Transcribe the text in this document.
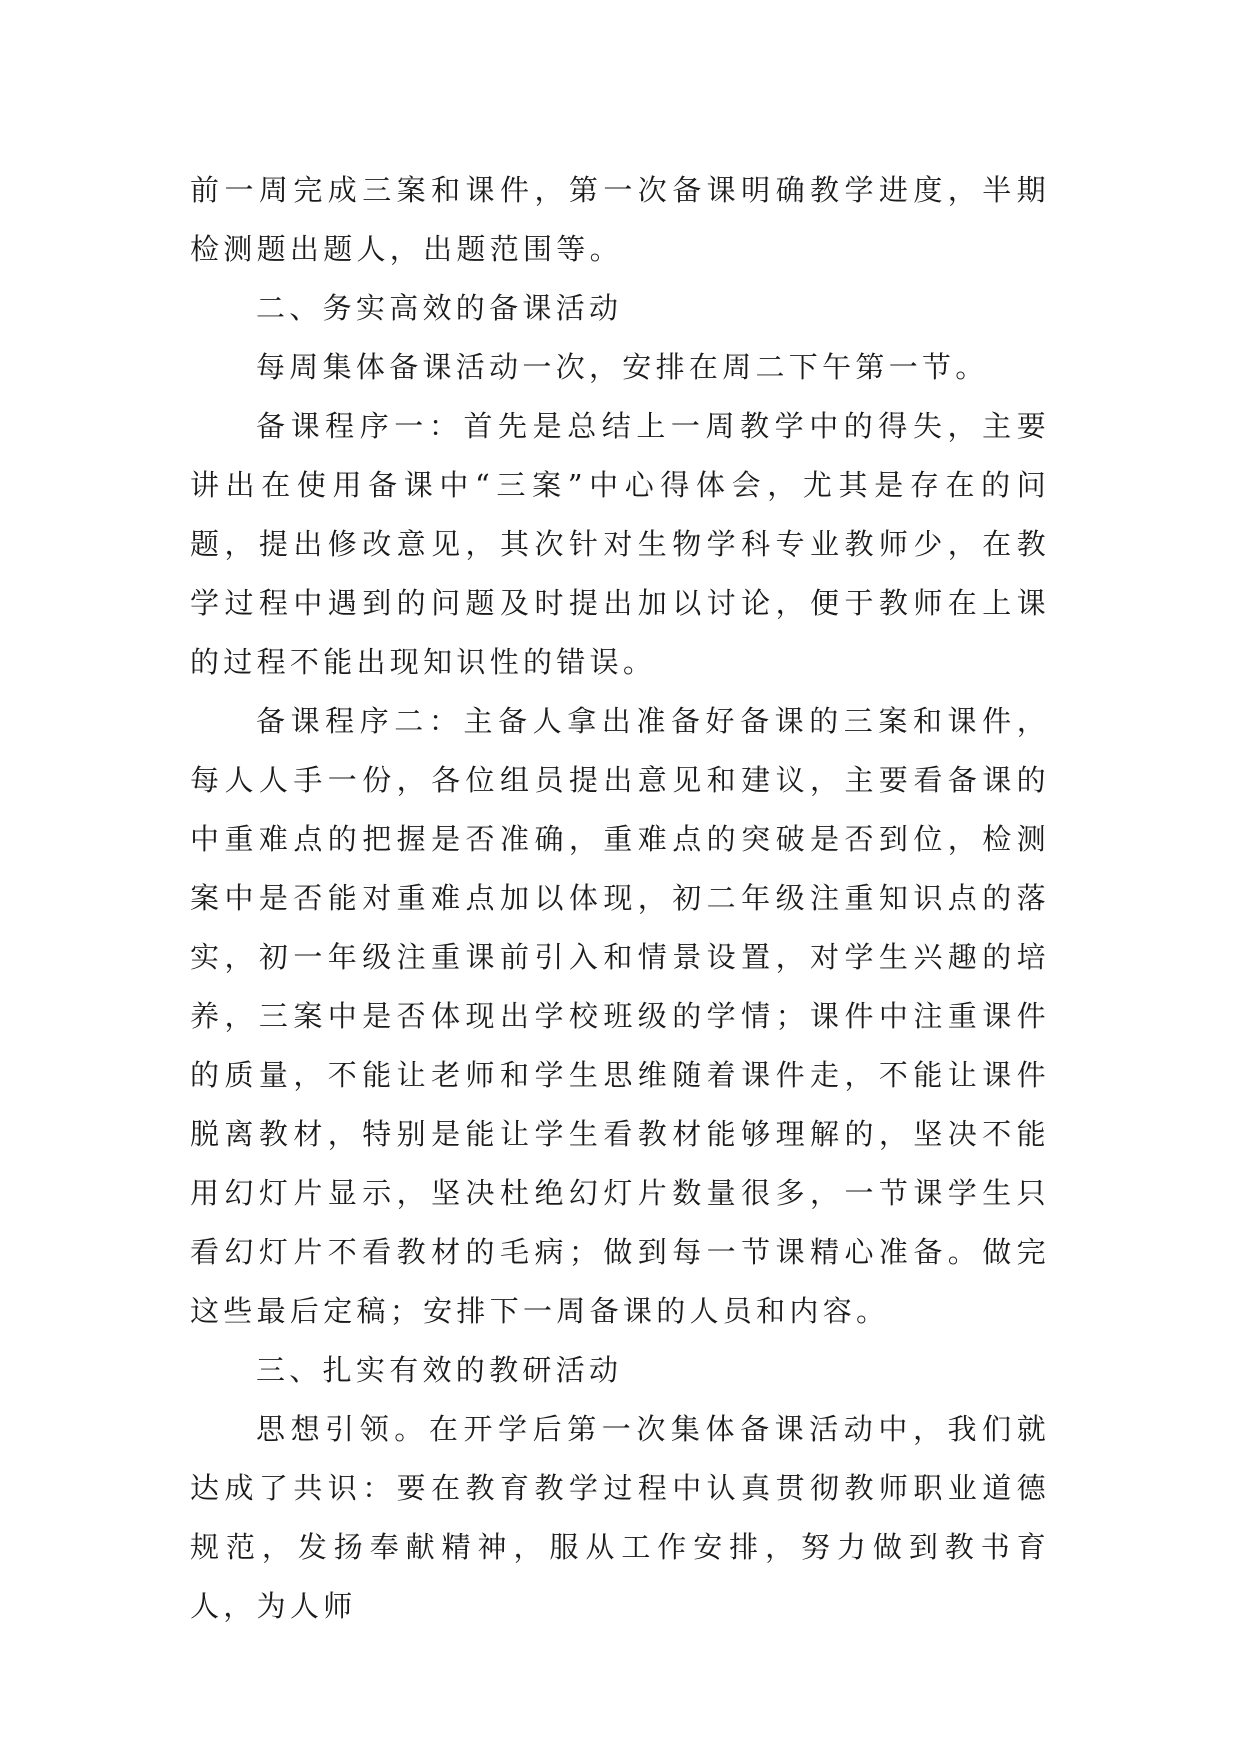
前一周完成三案和课件，第一次备课明确教学进度，半期检测题出题人，出题范围等。

二、务实高效的备课活动

每周集体备课活动一次，安排在周二下午第一节。

备课程序一：首先是总结上一周教学中的得失，主要讲出在使用备课中“三案”中心得体会，尤其是存在的问题，提出修改意见，其次针对生物学科专业教师少，在教学过程中遇到的问题及时提出加以讨论，便于教师在上课的过程不能出现知识性的错误。

备课程序二：主备人拿出准备好备课的三案和课件，每人人手一份，各位组员提出意见和建议，主要看备课的中重难点的把握是否准确，重难点的突破是否到位，检测案中是否能对重难点加以体现，初二年级注重知识点的落实，初一年级注重课前引入和情景设置，对学生兴趣的培养，三案中是否体现出学校班级的学情；课件中注重课件的质量，不能让老师和学生思维随着课件走，不能让课件脱离教材，特别是能让学生看教材能够理解的，坚决不能用幻灯片显示，坚决杜绝幻灯片数量很多，一节课学生只看幻灯片不看教材的毛病；做到每一节课精心准备。做完这些最后定稿；安排下一周备课的人员和内容。

三、扎实有效的教研活动

思想引领。在开学后第一次集体备课活动中，我们就达成了共识：要在教育教学过程中认真贯彻教师职业道德规范，发扬奉献精神，服从工作安排，努力做到教书育人，为人师
